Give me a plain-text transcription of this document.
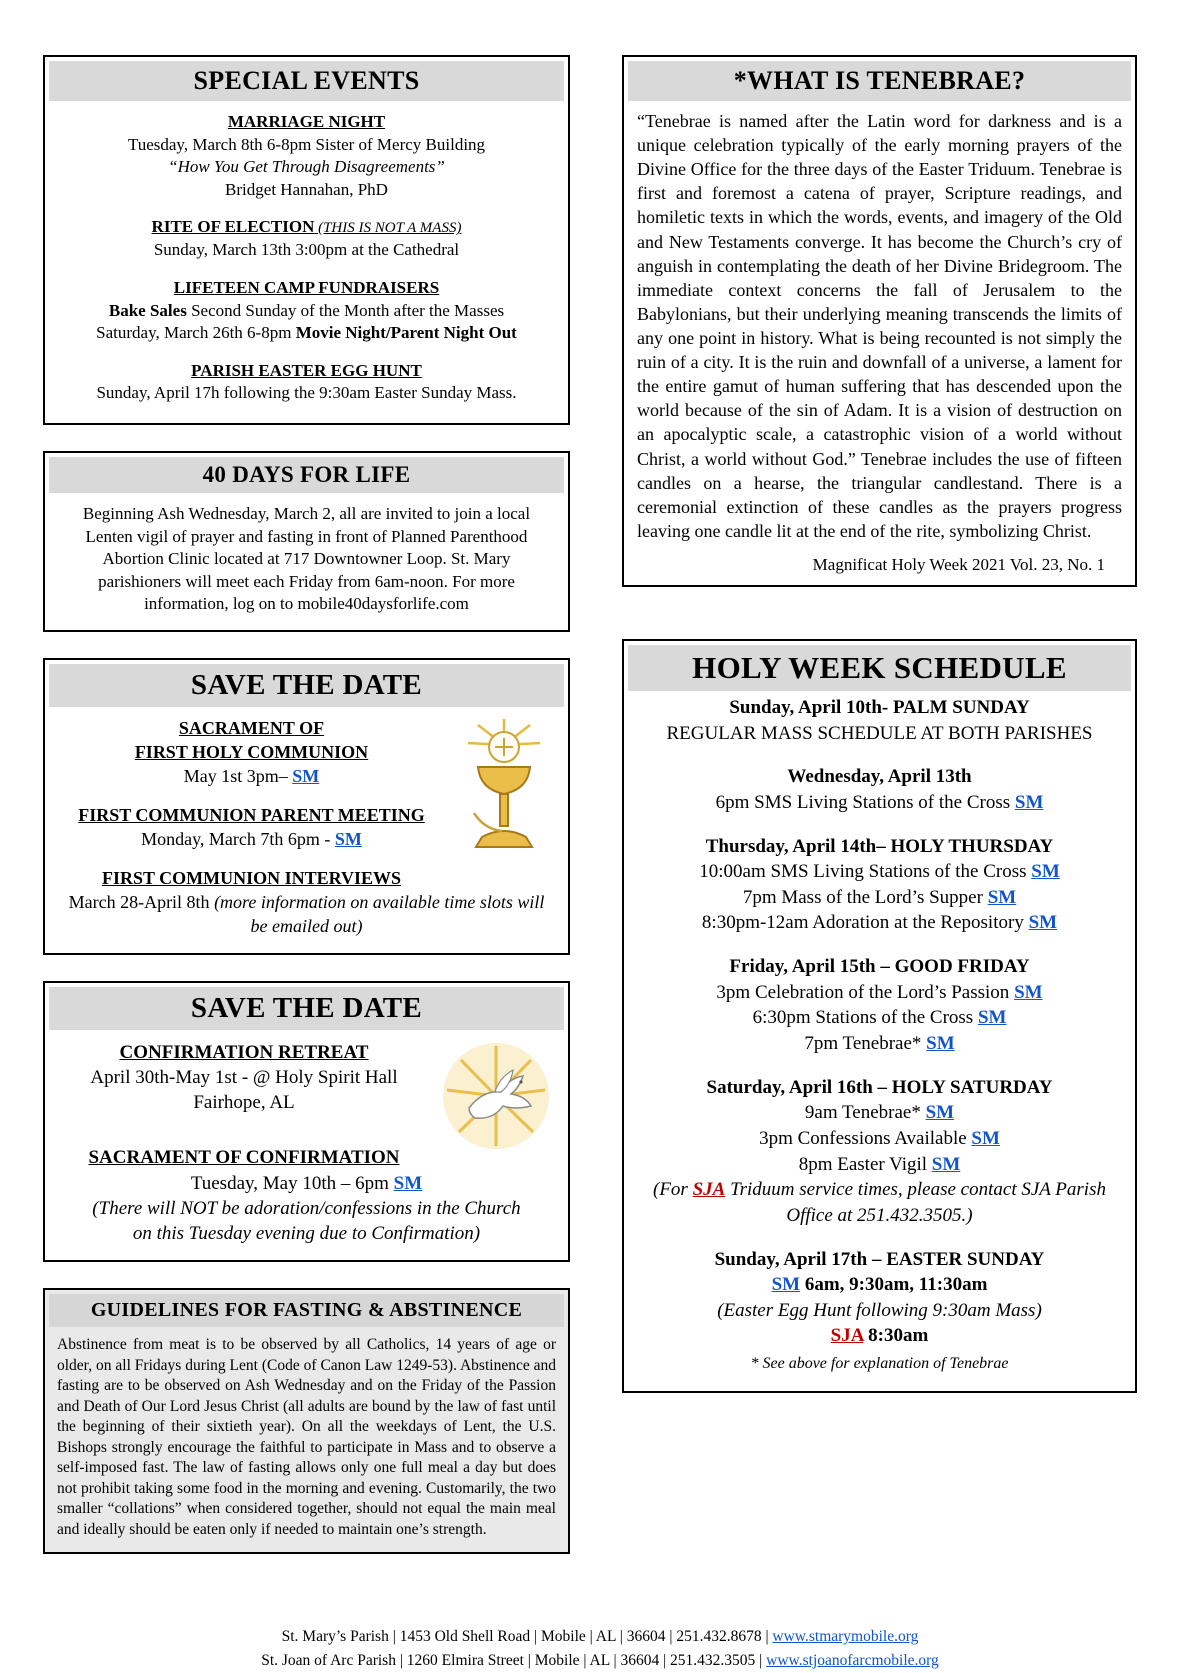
SPECIAL EVENTS
MARRIAGE NIGHT
Tuesday, March 8th 6-8pm Sister of Mercy Building
“How You Get Through Disagreements”
Bridget Hannahan, PhD
RITE OF ELECTION (THIS IS NOT A MASS)
Sunday, March 13th 3:00pm at the Cathedral
LIFETEEN CAMP FUNDRAISERS
Bake Sales Second Sunday of the Month after the Masses
Saturday, March 26th 6-8pm Movie Night/Parent Night Out
PARISH EASTER EGG HUNT
Sunday, April 17h following the 9:30am Easter Sunday Mass.
40 DAYS FOR LIFE
Beginning Ash Wednesday, March 2, all are invited to join a local Lenten vigil of prayer and fasting in front of Planned Parenthood Abortion Clinic located at 717 Downtowner Loop. St. Mary parishioners will meet each Friday from 6am-noon. For more information, log on to mobile40daysforlife.com
SAVE THE DATE
SACRAMENT OF
FIRST HOLY COMMUNION
May 1st 3pm– SM
FIRST COMMUNION PARENT MEETING
Monday, March 7th 6pm - SM
FIRST COMMUNION INTERVIEWS
March 28-April 8th (more information on available time slots will be emailed out)
SAVE THE DATE
CONFIRMATION RETREAT
April 30th-May 1st - @ Holy Spirit Hall
Fairhope, AL
SACRAMENT OF CONFIRMATION
Tuesday, May 10th – 6pm SM
(There will NOT be adoration/confessions in the Church
on this Tuesday evening due to Confirmation)
GUIDELINES FOR FASTING & ABSTINENCE
Abstinence from meat is to be observed by all Catholics, 14 years of age or older, on all Fridays during Lent (Code of Canon Law 1249-53). Abstinence and fasting are to be observed on Ash Wednesday and on the Friday of the Passion and Death of Our Lord Jesus Christ (all adults are bound by the law of fast until the beginning of their sixtieth year). On all the weekdays of Lent, the U.S. Bishops strongly encourage the faithful to participate in Mass and to observe a self-imposed fast. The law of fasting allows only one full meal a day but does not prohibit taking some food in the morning and evening. Customarily, the two smaller “collations” when considered together, should not equal the main meal and ideally should be eaten only if needed to maintain one’s strength.
*WHAT IS TENEBRAE?
“Tenebrae is named after the Latin word for darkness and is a unique celebration typically of the early morning prayers of the Divine Office for the three days of the Easter Triduum. Tenebrae is first and foremost a catena of prayer, Scripture readings, and homiletic texts in which the words, events, and imagery of the Old and New Testaments converge. It has become the Church’s cry of anguish in contemplating the death of her Divine Bridegroom. The immediate context concerns the fall of Jerusalem to the Babylonians, but their underlying meaning transcends the limits of any one point in history. What is being recounted is not simply the ruin of a city. It is the ruin and downfall of a universe, a lament for the entire gamut of human suffering that has descended upon the world because of the sin of Adam. It is a vision of destruction on an apocalyptic scale, a catastrophic vision of a world without Christ, a world without God.” Tenebrae includes the use of fifteen candles on a hearse, the triangular candlestand. There is a ceremonial extinction of these candles as the prayers progress leaving one candle lit at the end of the rite, symbolizing Christ.
Magnificat Holy Week 2021 Vol. 23, No. 1
HOLY WEEK SCHEDULE
Sunday, April 10th- PALM SUNDAY
REGULAR MASS SCHEDULE AT BOTH PARISHES
Wednesday, April 13th
6pm SMS Living Stations of the Cross SM
Thursday, April 14th– HOLY THURSDAY
10:00am SMS Living Stations of the Cross SM
7pm Mass of the Lord’s Supper SM
8:30pm-12am Adoration at the Repository SM
Friday, April 15th – GOOD FRIDAY
3pm Celebration of the Lord’s Passion SM
6:30pm Stations of the Cross SM
7pm Tenebrae* SM
Saturday, April 16th – HOLY SATURDAY
9am Tenebrae* SM
3pm Confessions Available SM
8pm Easter Vigil SM
(For SJA Triduum service times, please contact SJA Parish Office at 251.432.3505.)
Sunday, April 17th – EASTER SUNDAY
SM 6am, 9:30am, 11:30am
(Easter Egg Hunt following 9:30am Mass)
SJA 8:30am
* See above for explanation of Tenebrae
St. Mary’s Parish | 1453 Old Shell Road | Mobile | AL | 36604 | 251.432.8678 | www.stmarymobile.org
St. Joan of Arc Parish | 1260 Elmira Street | Mobile | AL | 36604 | 251.432.3505 | www.stjoanofarcmobile.org
